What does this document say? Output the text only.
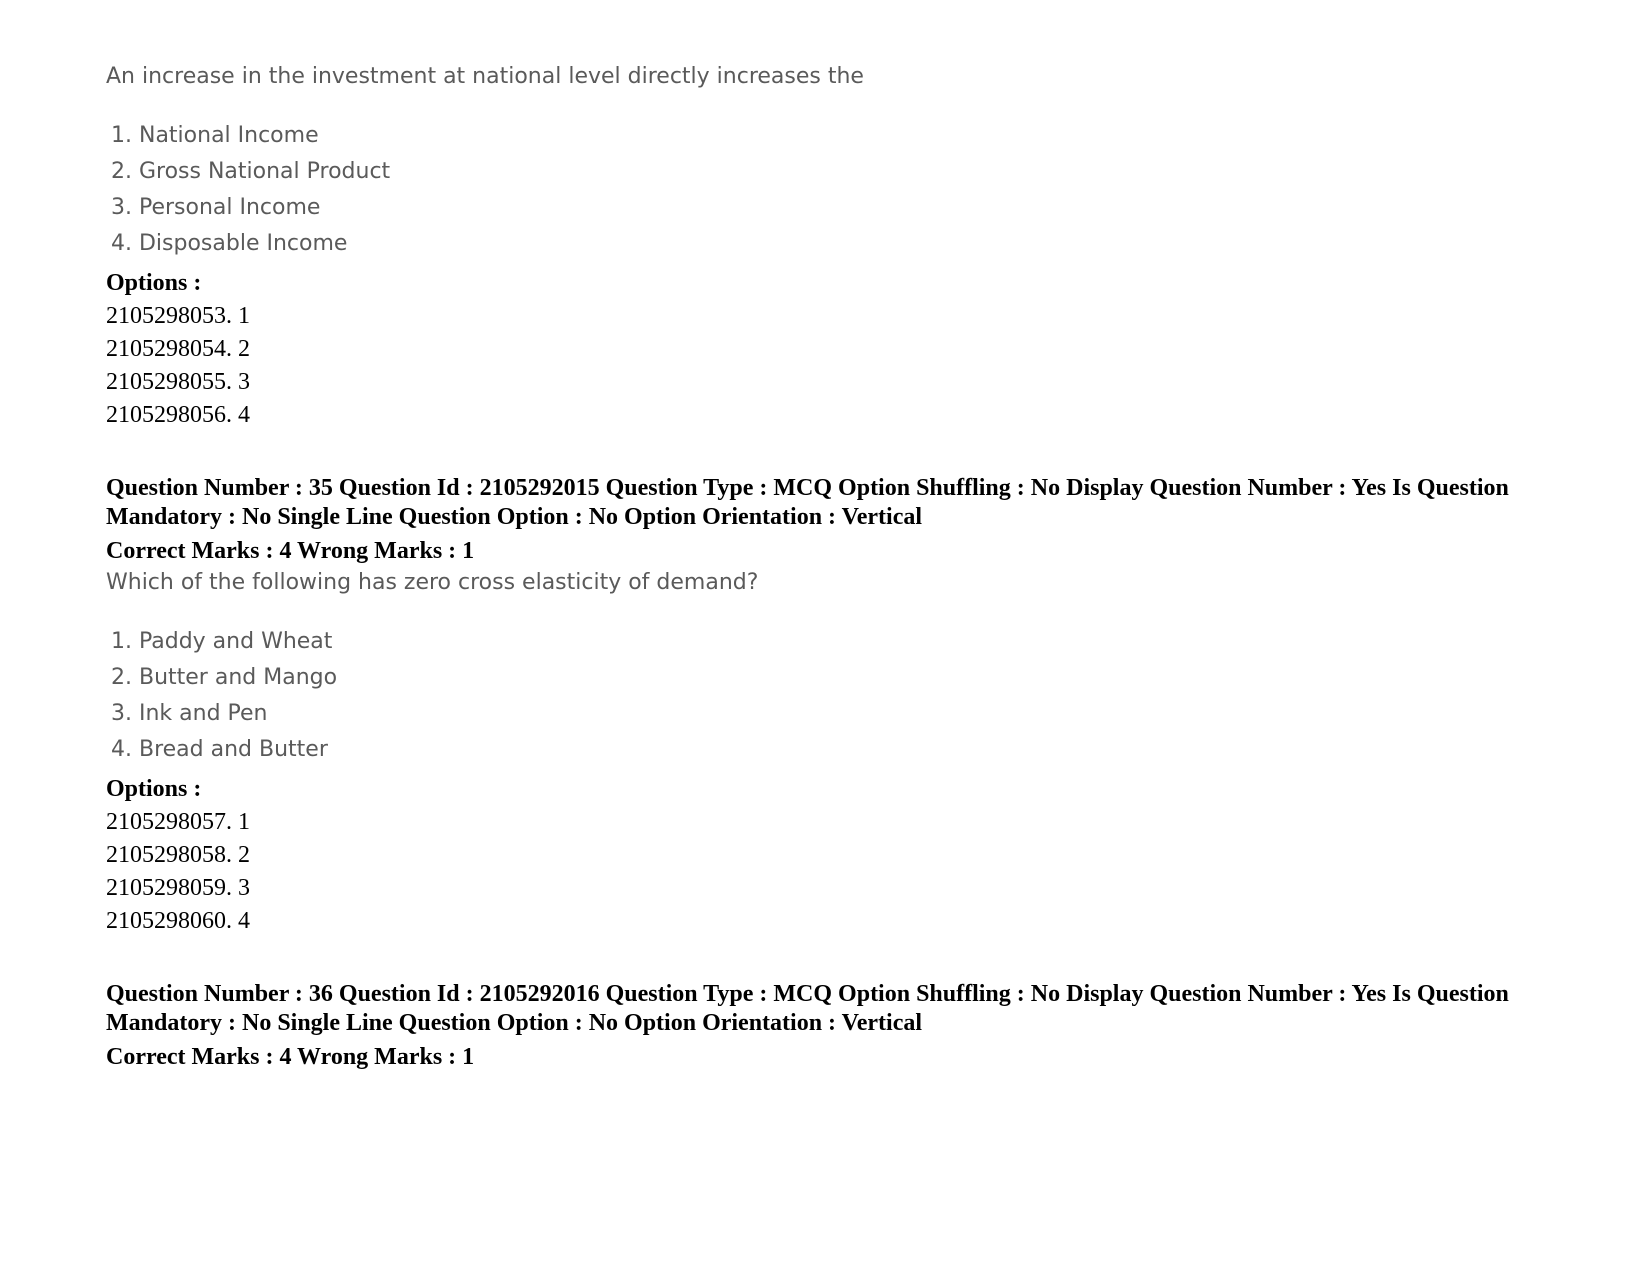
An increase in the investment at national level directly increases the
1. National Income
2. Gross National Product
3. Personal Income
4. Disposable Income
Options :
2105298053. 1
2105298054. 2
2105298055. 3
2105298056. 4
Question Number : 35 Question Id : 2105292015 Question Type : MCQ Option Shuffling : No Display Question Number : Yes Is Question Mandatory : No Single Line Question Option : No Option Orientation : Vertical
Correct Marks : 4 Wrong Marks : 1
Which of the following has zero cross elasticity of demand?
1. Paddy and Wheat
2. Butter and Mango
3. Ink and Pen
4. Bread and Butter
Options :
2105298057. 1
2105298058. 2
2105298059. 3
2105298060. 4
Question Number : 36 Question Id : 2105292016 Question Type : MCQ Option Shuffling : No Display Question Number : Yes Is Question Mandatory : No Single Line Question Option : No Option Orientation : Vertical
Correct Marks : 4 Wrong Marks : 1
